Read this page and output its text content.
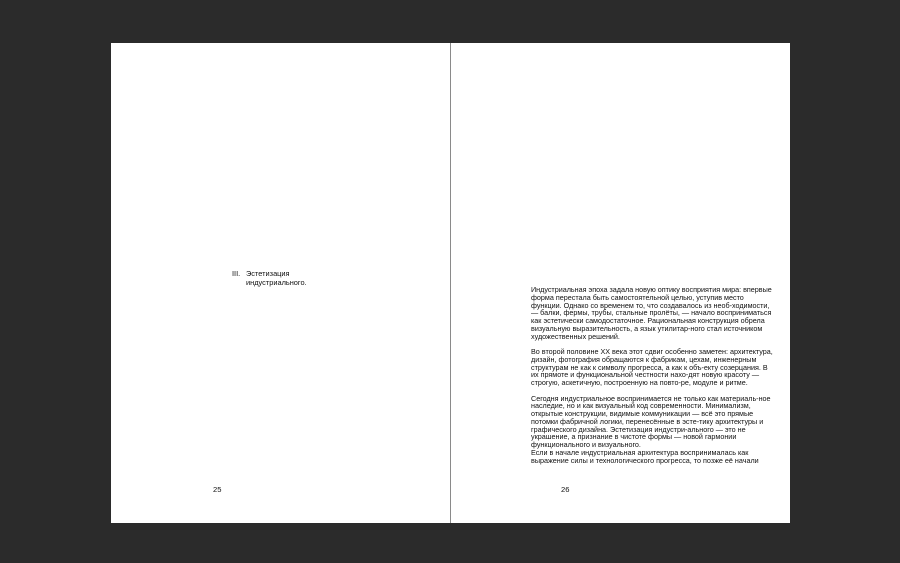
III. Эстетизация индустриального.
25

Индустриальная эпоха задала новую оптику восприятия мира: впервые форма перестала быть самостоятельной целью, уступив место функции. Однако со временем то, что создавалось из необ-ходимости, — балки, фермы, трубы, стальные пролёты, — начало восприниматься как эстетически самодостаточное. Рациональная конструкция обрела визуальную выразительность, а язык утилитар-ного стал источником художественных решений.

Во второй половине XX века этот сдвиг особенно заметен: архитектура, дизайн, фотография обращаются к фабрикам, цехам, инженерным структурам не как к символу прогресса, а как к объ-екту созерцания. В их прямоте и функциональной честности нахо-дят новую красоту — строгую, аскетичную, построенную на повто-ре, модуле и ритме.

Сегодня индустриальное воспринимается не только как материаль-ное наследие, но и как визуальный код современности. Минимализм, открытые конструкции, видимые коммуникации — всё это прямые потомки фабричной логики, перенесённые в эсте-тику архитектуры и графического дизайна. Эстетизация индустри-ального — это не украшение, а признание в чистоте формы — новой гармонии функционального и визуального.

Если в начале индустриальная архитектура воспринималась как выражение силы и технологического прогресса, то позже её начали

26
